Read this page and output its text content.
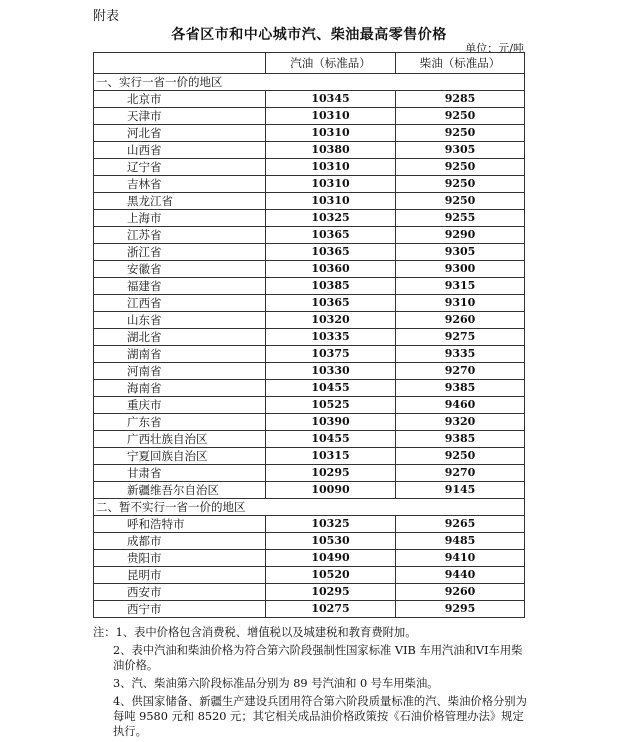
附表
各省区市和中心城市汽、柴油最高零售价格
单位：元/吨
	汽油（标准品）	柴油（标准品）
一、实行一省一价的地区		
北京市	10345	9285
天津市	10310	9250
河北省	10310	9250
山西省	10380	9305
辽宁省	10310	9250
吉林省	10310	9250
黑龙江省	10310	9250
上海市	10325	9255
江苏省	10365	9290
浙江省	10365	9305
安徽省	10360	9300
福建省	10385	9315
江西省	10365	9310
山东省	10320	9260
湖北省	10335	9275
湖南省	10375	9335
河南省	10330	9270
海南省	10455	9385
重庆市	10525	9460
广东省	10390	9320
广西壮族自治区	10455	9385
宁夏回族自治区	10315	9250
甘肃省	10295	9270
新疆维吾尔自治区	10090	9145
二、暂不实行一省一价的地区		
呼和浩特市	10325	9265
成都市	10530	9485
贵阳市	10490	9410
昆明市	10520	9440
西安市	10295	9260
西宁市	10275	9295

注：1、表中价格包含消费税、增值税以及城建税和教育费附加。

2、表中汽油和柴油价格为符合第六阶段强制性国家标准 VIB 车用汽油和VI车用柴油价格。

3、汽、柴油第六阶段标准品分别为 89 号汽油和 0 号车用柴油。

4、供国家储备、新疆生产建设兵团用符合第六阶段质量标准的汽、柴油价格分别为每吨 9580 元和 8520 元；其它相关成品油价格政策按《石油价格管理办法》规定执行。
